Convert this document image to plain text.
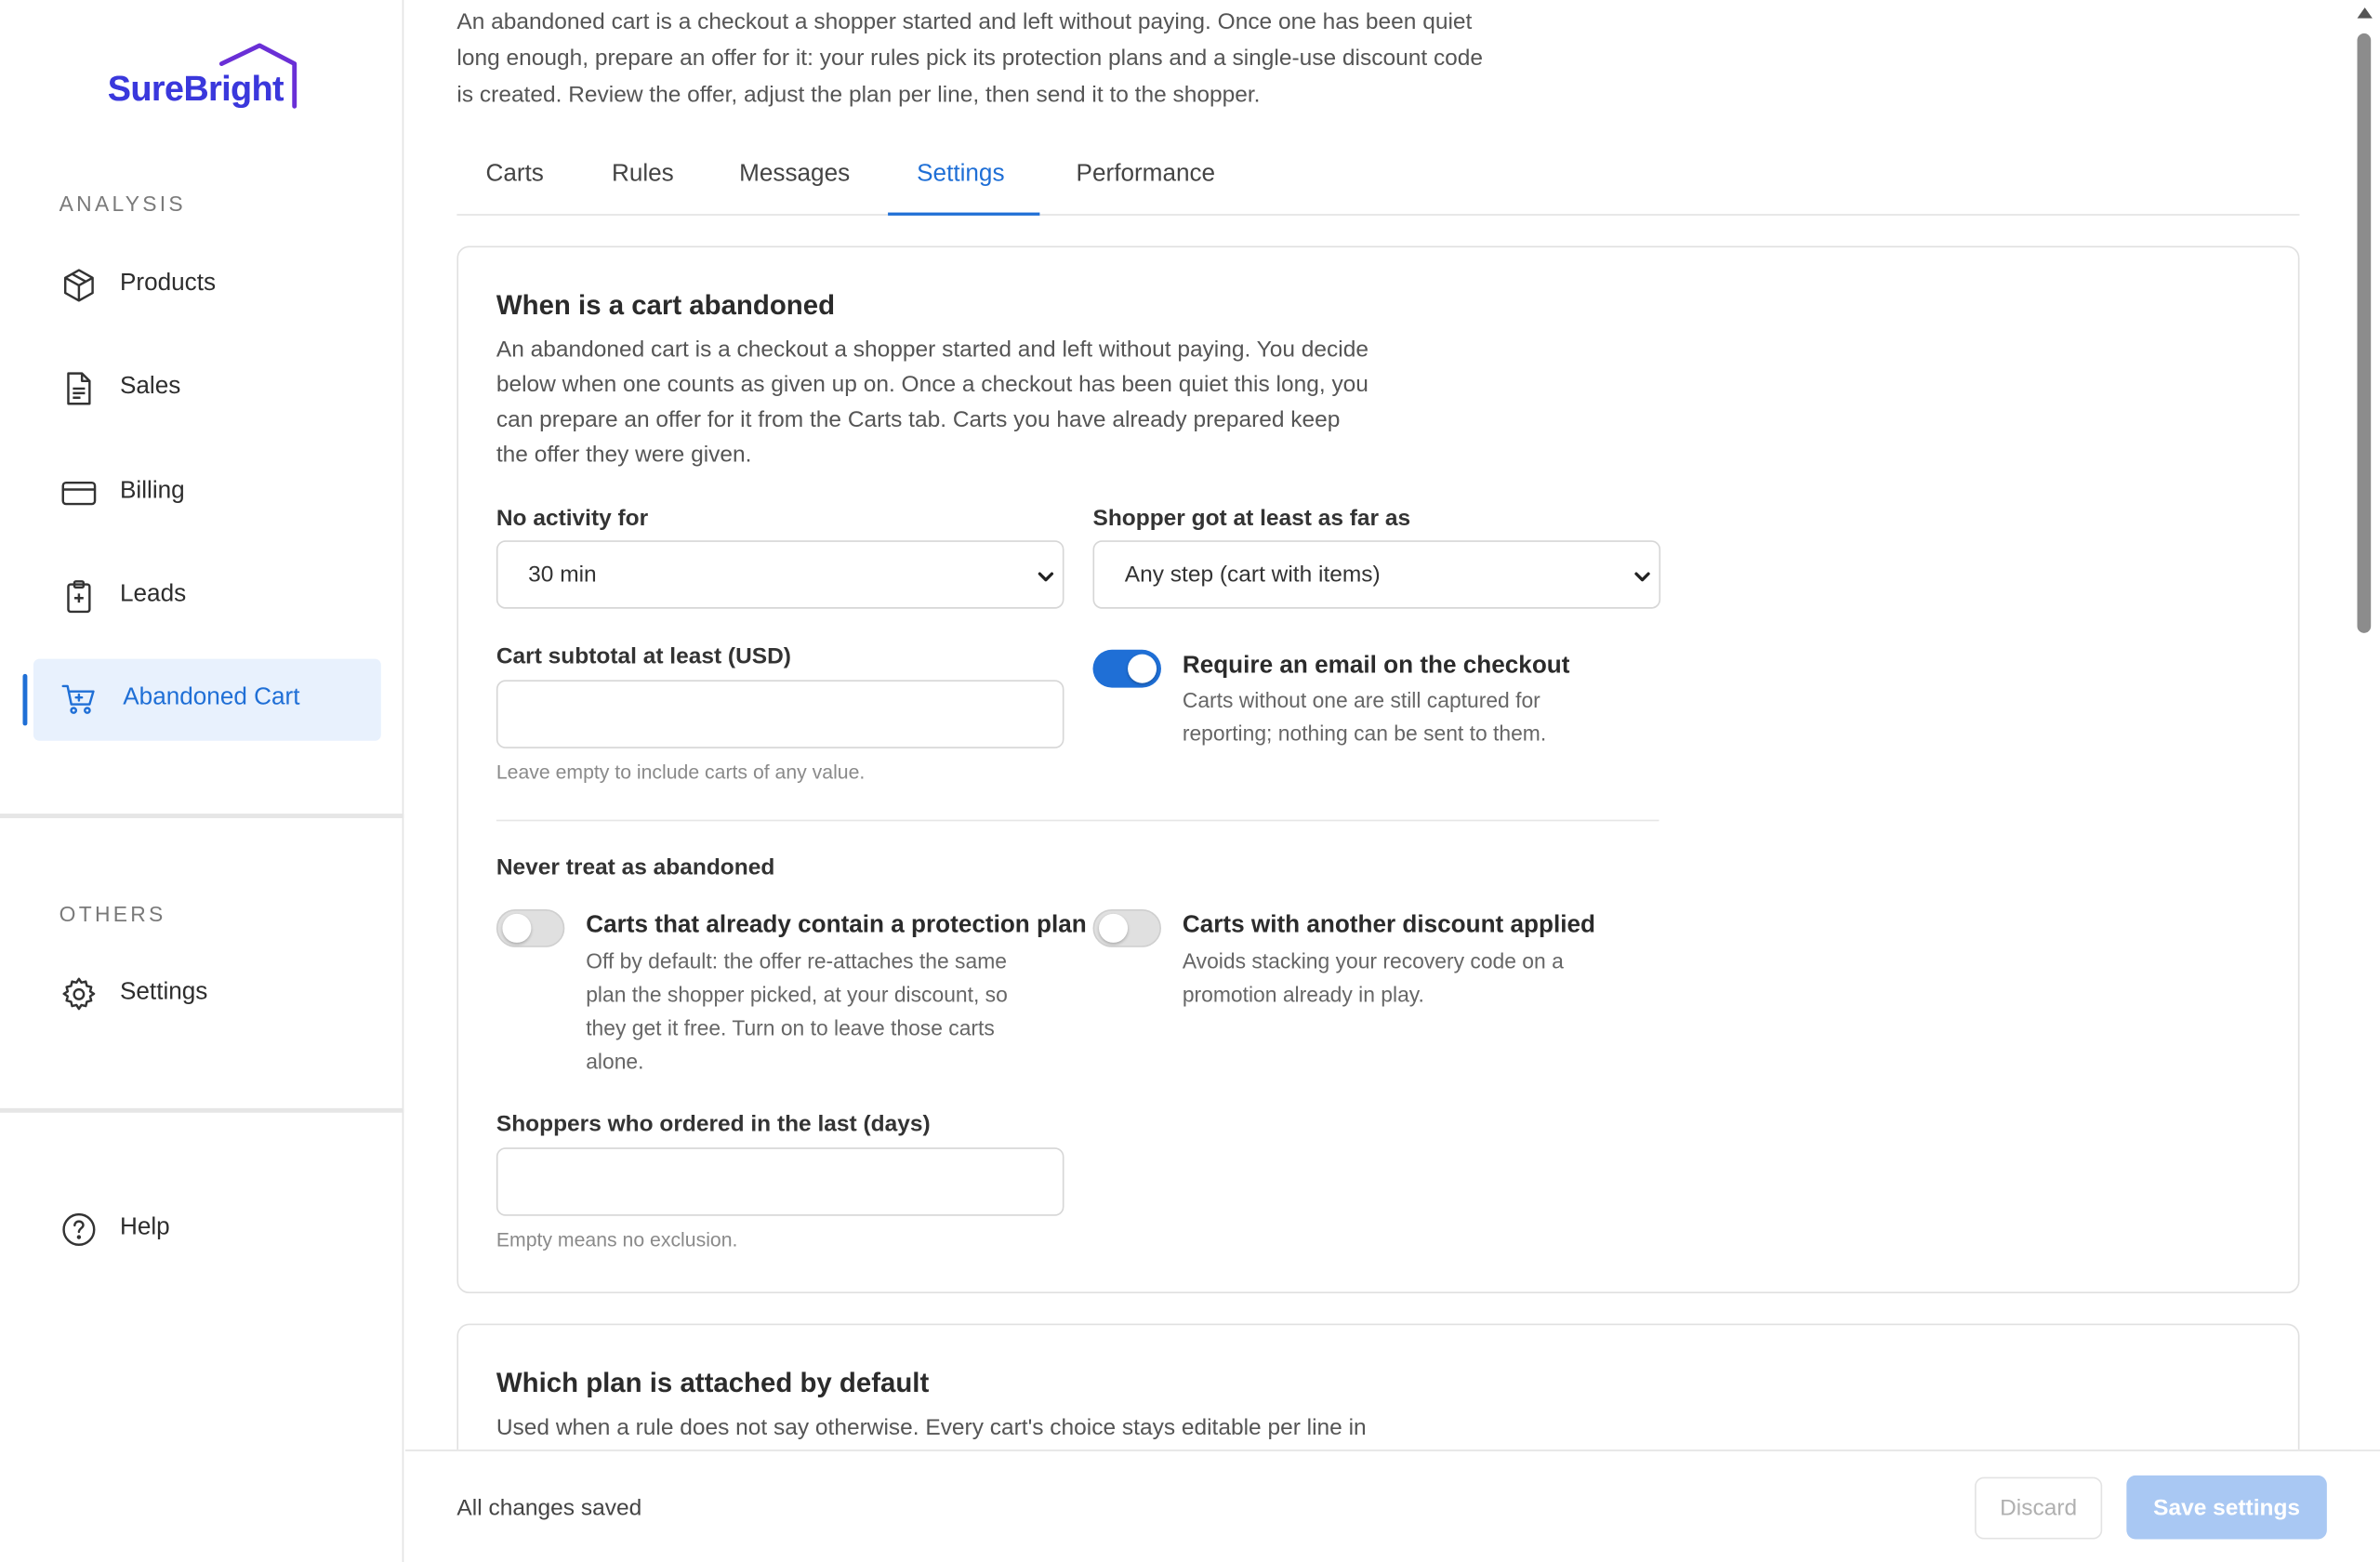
SureBright
ANALYSIS
Products
Sales
Billing
Leads
Abandoned Cart
OTHERS
Settings
Help

An abandoned cart is a checkout a shopper started and left without paying. Once one has been quiet long enough, prepare an offer for it: your rules pick its protection plans and a single-use discount code is created. Review the offer, adjust the plan per line, then send it to the shopper.

Carts	Rules	Messages	Settings	Performance
When is a cart abandoned

An abandoned cart is a checkout a shopper started and left without paying. You decide below when one counts as given up on. Once a checkout has been quiet this long, you can prepare an offer for it from the Carts tab. Carts you have already prepared keep the offer they were given.

No activity for
30 min
Shopper got at least as far as
Any step (cart with items)
Cart subtotal at least (USD)
Leave empty to include carts of any value.
Require an email on the checkout

Carts without one are still captured for reporting; nothing can be sent to them.

Never treat as abandoned
Carts that already contain a protection plan

Off by default: the offer re-attaches the same plan the shopper picked, at your discount, so they get it free. Turn on to leave those carts alone.

Carts with another discount applied

Avoids stacking your recovery code on a promotion already in play.

Shoppers who ordered in the last (days)
Empty means no exclusion.
Which plan is attached by default

Used when a rule does not say otherwise. Every cart's choice stays editable per line in

All changes saved	Discard	Save settings
